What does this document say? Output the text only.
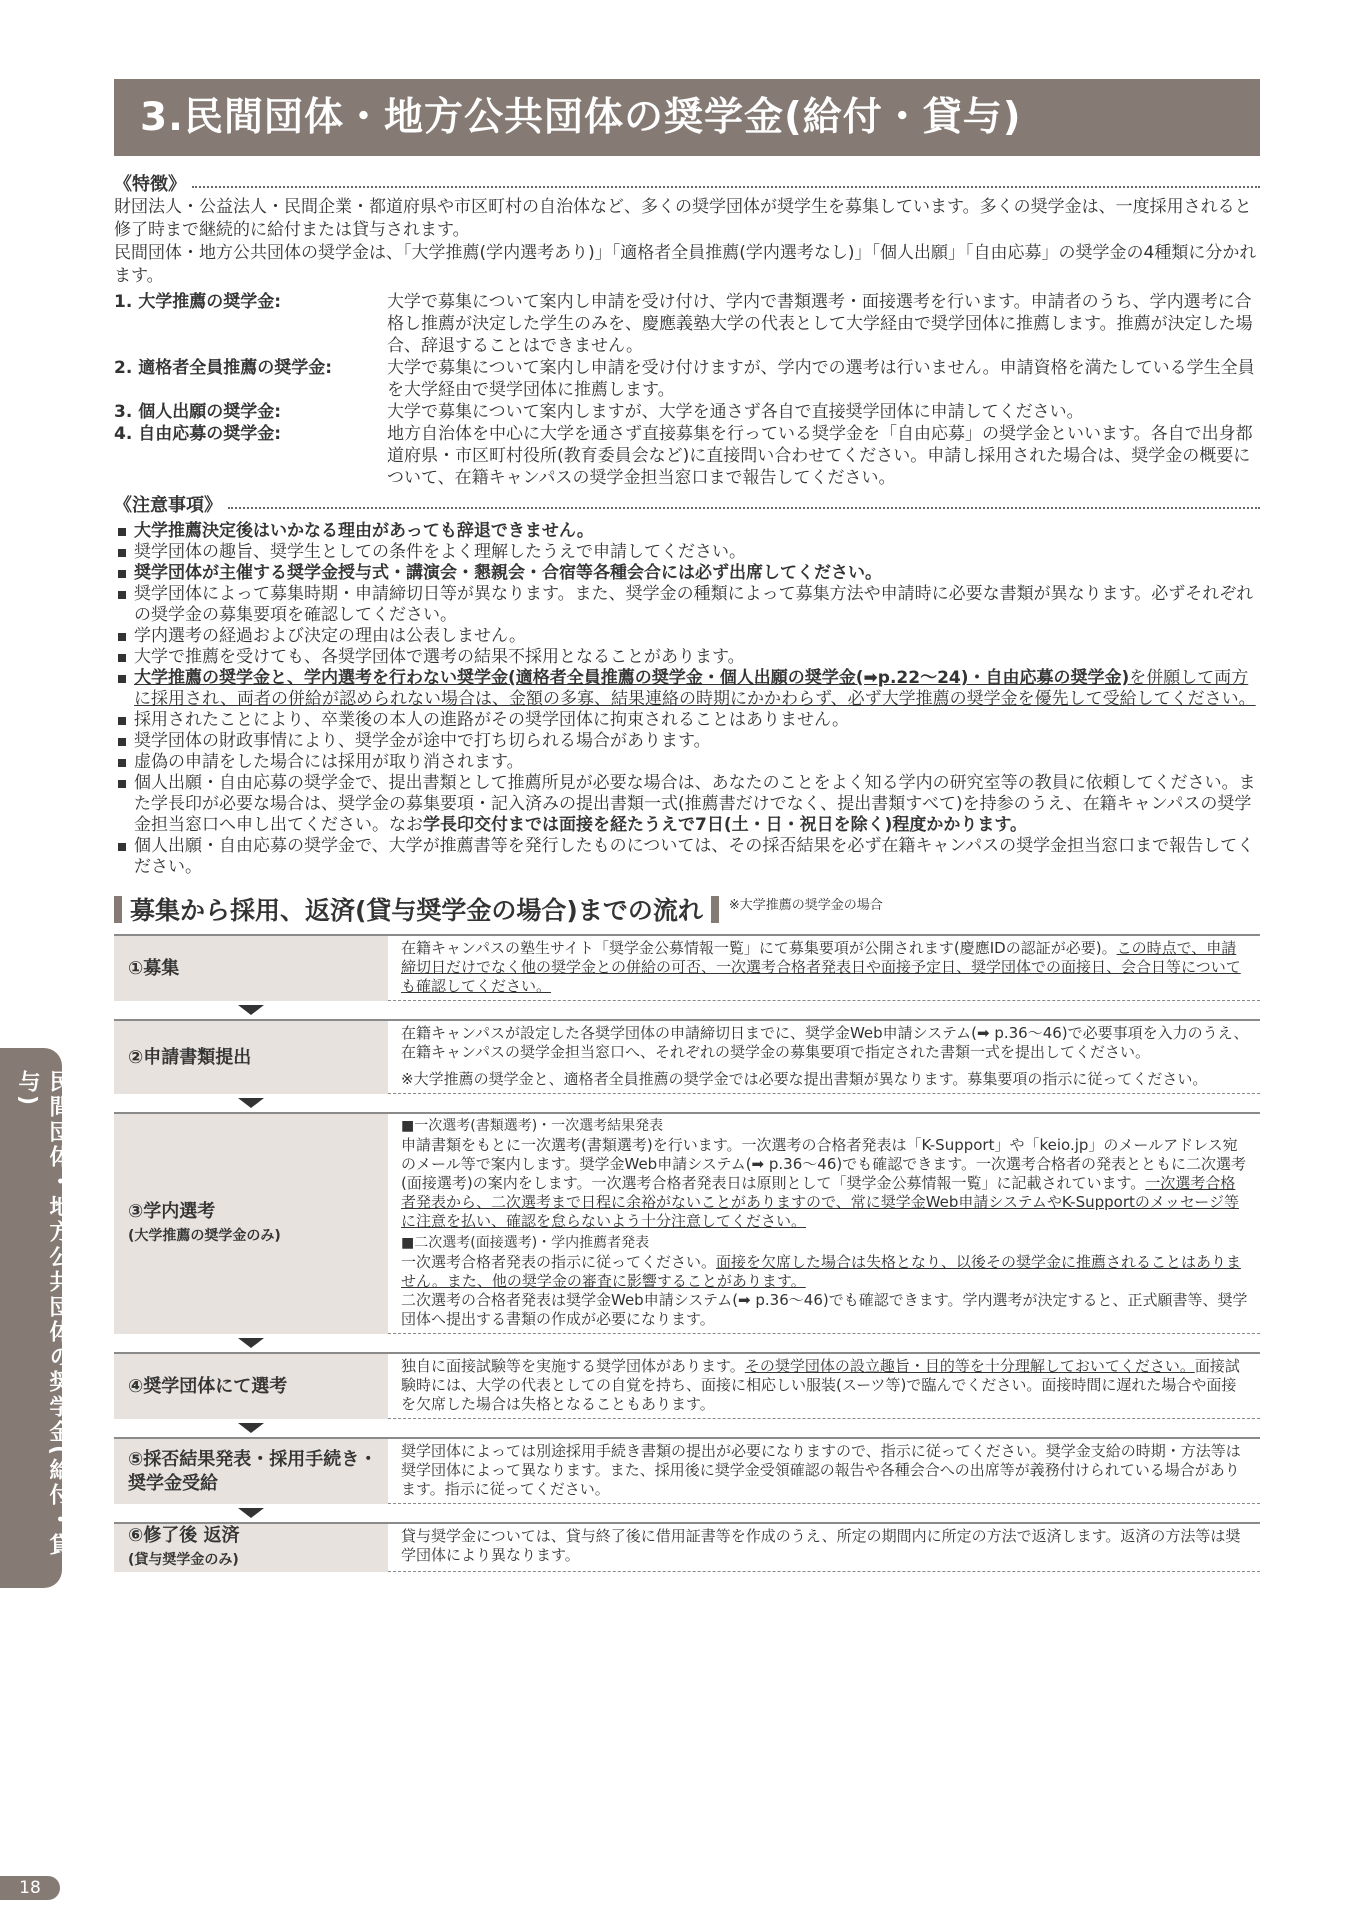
3.民間団体・地方公共団体の奨学金(給付・貸与)
《特徴》

財団法人・公益法人・民間企業・都道府県や市区町村の自治体など、多くの奨学団体が奨学生を募集しています。多くの奨学金は、一度採用されると修了時まで継続的に給付または貸与されます。

民間団体・地方公共団体の奨学金は、「大学推薦(学内選考あり)」「適格者全員推薦(学内選考なし)」「個人出願」「自由応募」の奨学金の4種類に分かれます。

1. 大学推薦の奨学金:	大学で募集について案内し申請を受け付け、学内で書類選考・面接選考を行います。申請者のうち、学内選考に合格し推薦が決定した学生のみを、慶應義塾大学の代表として大学経由で奨学団体に推薦します。推薦が決定した場合、辞退することはできません。
2. 適格者全員推薦の奨学金:	大学で募集について案内し申請を受け付けますが、学内での選考は行いません。申請資格を満たしている学生全員を大学経由で奨学団体に推薦します。
3. 個人出願の奨学金:	大学で募集について案内しますが、大学を通さず各自で直接奨学団体に申請してください。
4. 自由応募の奨学金:	地方自治体を中心に大学を通さず直接募集を行っている奨学金を「自由応募」の奨学金といいます。各自で出身都道府県・市区町村役所(教育委員会など)に直接問い合わせてください。申請し採用された場合は、奨学金の概要について、在籍キャンパスの奨学金担当窓口まで報告してください。
《注意事項》
大学推薦決定後はいかなる理由があっても辞退できません。
奨学団体の趣旨、奨学生としての条件をよく理解したうえで申請してください。
奨学団体が主催する奨学金授与式・講演会・懇親会・合宿等各種会合には必ず出席してください。
奨学団体によって募集時期・申請締切日等が異なります。また、奨学金の種類によって募集方法や申請時に必要な書類が異なります。必ずそれぞれの奨学金の募集要項を確認してください。
学内選考の経過および決定の理由は公表しません。
大学で推薦を受けても、各奨学団体で選考の結果不採用となることがあります。
大学推薦の奨学金と、学内選考を行わない奨学金(適格者全員推薦の奨学金・個人出願の奨学金(➡p.22〜24)・自由応募の奨学金)を併願して両方に採用され、両者の併給が認められない場合は、金額の多寡、結果連絡の時期にかかわらず、必ず大学推薦の奨学金を優先して受給してください。
採用されたことにより、卒業後の本人の進路がその奨学団体に拘束されることはありません。
奨学団体の財政事情により、奨学金が途中で打ち切られる場合があります。
虚偽の申請をした場合には採用が取り消されます。
個人出願・自由応募の奨学金で、提出書類として推薦所見が必要な場合は、あなたのことをよく知る学内の研究室等の教員に依頼してください。また学長印が必要な場合は、奨学金の募集要項・記入済みの提出書類一式(推薦書だけでなく、提出書類すべて)を持参のうえ、在籍キャンパスの奨学金担当窓口へ申し出てください。なお学長印交付までは面接を経たうえで7日(土・日・祝日を除く)程度かかります。
個人出願・自由応募の奨学金で、大学が推薦書等を発行したものについては、その採否結果を必ず在籍キャンパスの奨学金担当窓口まで報告してください。
募集から採用、返済(貸与奨学金の場合)までの流れ ※大学推薦の奨学金の場合
①募集
在籍キャンパスの塾生サイト「奨学金公募情報一覧」にて募集要項が公開されます(慶應IDの認証が必要)。この時点で、申請締切日だけでなく他の奨学金との併給の可否、一次選考合格者発表日や面接予定日、奨学団体での面接日、会合日等についても確認してください。
②申請書類提出
在籍キャンパスが設定した各奨学団体の申請締切日までに、奨学金Web申請システム(➡ p.36〜46)で必要事項を入力のうえ、在籍キャンパスの奨学金担当窓口へ、それぞれの奨学金の募集要項で指定された書類一式を提出してください。
※大学推薦の奨学金と、適格者全員推薦の奨学金では必要な提出書類が異なります。募集要項の指示に従ってください。
③学内選考
(大学推薦の奨学金のみ)
■一次選考(書類選考)・一次選考結果発表
申請書類をもとに一次選考(書類選考)を行います。一次選考の合格者発表は「K-Support」や「keio.jp」のメールアドレス宛のメール等で案内します。奨学金Web申請システム(➡ p.36〜46)でも確認できます。一次選考合格者の発表とともに二次選考(面接選考)の案内をします。一次選考合格者発表日は原則として「奨学金公募情報一覧」に記載されています。一次選考合格者発表から、二次選考まで日程に余裕がないことがありますので、常に奨学金Web申請システムやK-Supportのメッセージ等に注意を払い、確認を怠らないよう十分注意してください。
■二次選考(面接選考)・学内推薦者発表
一次選考合格者発表の指示に従ってください。面接を欠席した場合は失格となり、以後その奨学金に推薦されることはありません。また、他の奨学金の審査に影響することがあります。
二次選考の合格者発表は奨学金Web申請システム(➡ p.36〜46)でも確認できます。学内選考が決定すると、正式願書等、奨学団体へ提出する書類の作成が必要になります。
④奨学団体にて選考
独自に面接試験等を実施する奨学団体があります。その奨学団体の設立趣旨・目的等を十分理解しておいてください。面接試験時には、大学の代表としての自覚を持ち、面接に相応しい服装(スーツ等)で臨んでください。面接時間に遅れた場合や面接を欠席した場合は失格となることもあります。
⑤採否結果発表・採用手続き・奨学金受給
奨学団体によっては別途採用手続き書類の提出が必要になりますので、指示に従ってください。奨学金支給の時期・方法等は奨学団体によって異なります。また、採用後に奨学金受領確認の報告や各種会合への出席等が義務付けられている場合があります。指示に従ってください。
⑥修了後 返済
(貸与奨学金のみ)
貸与奨学金については、貸与終了後に借用証書等を作成のうえ、所定の期間内に所定の方法で返済します。返済の方法等は奨学団体により異なります。
民間団体・地方公共団体の奨学金(給付・貸与)
18
